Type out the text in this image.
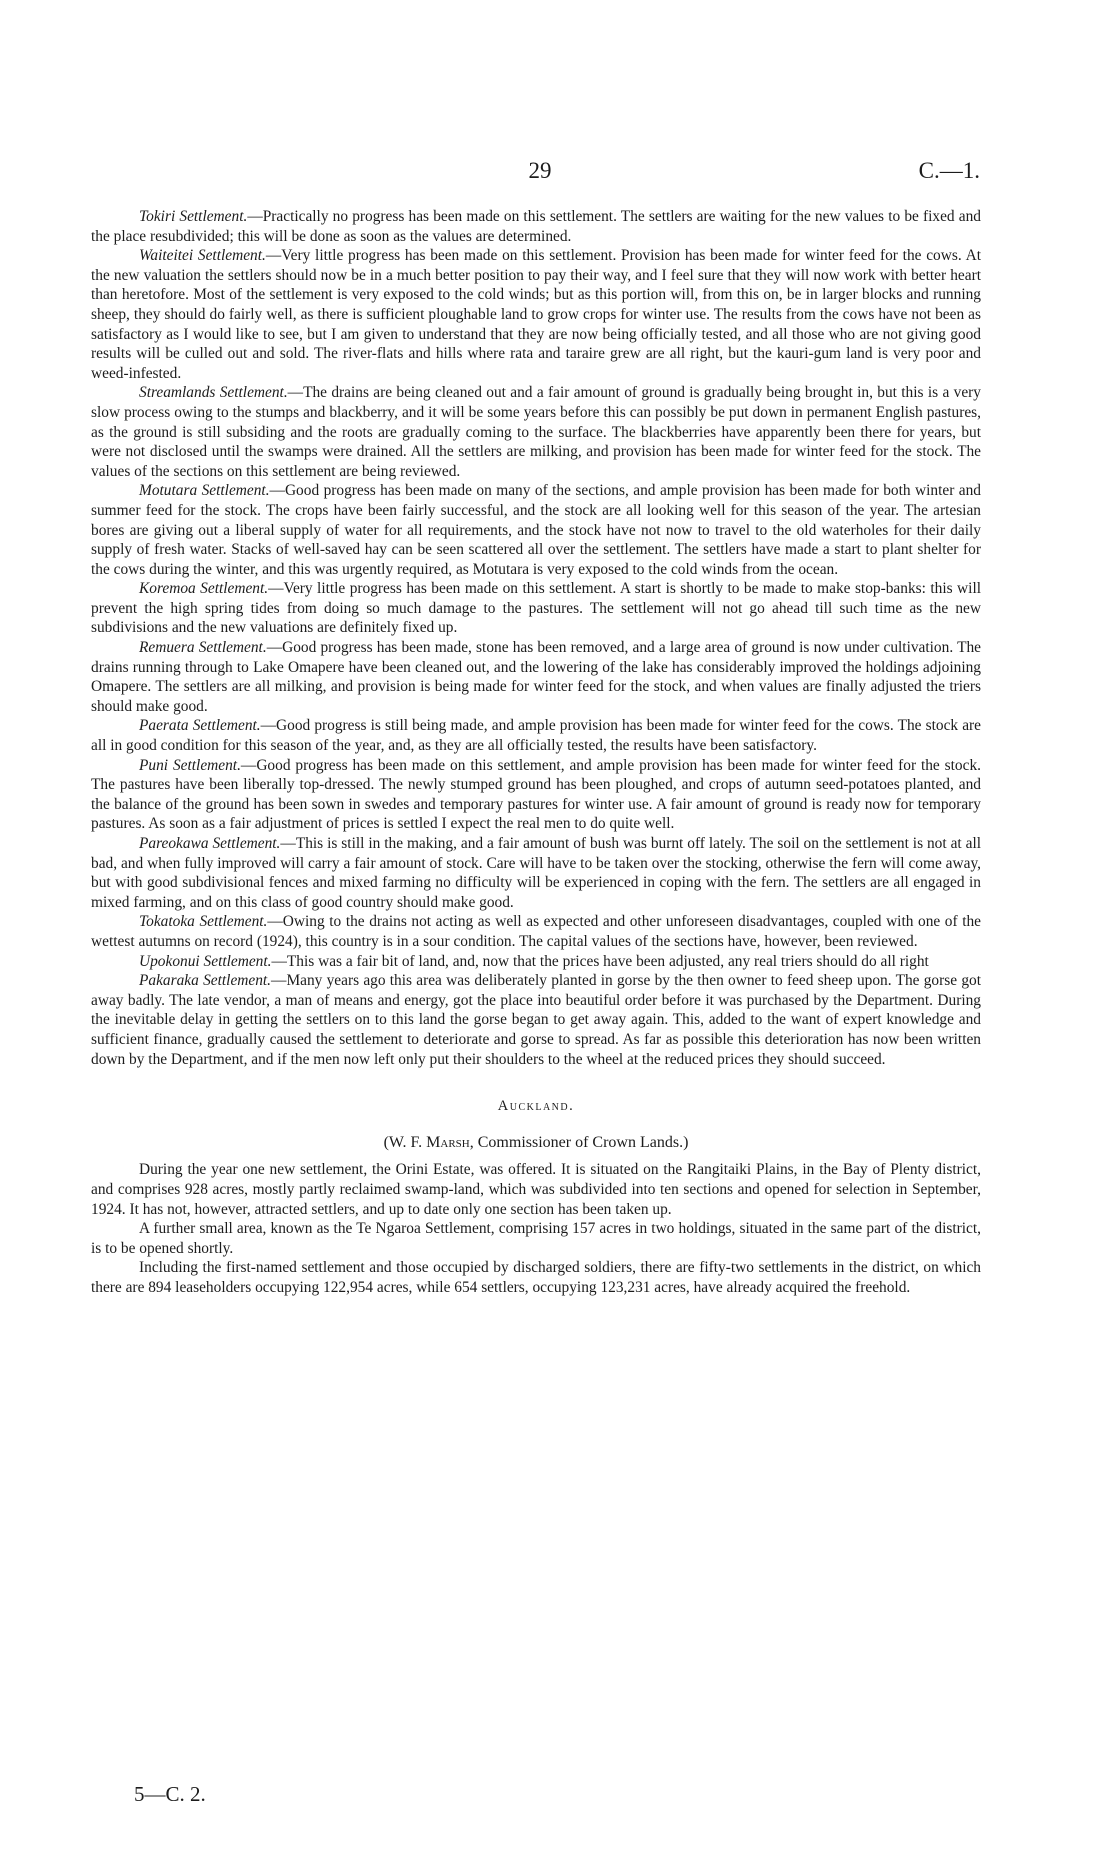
29	C.—1.

Tokiri Settlement.—Practically no progress has been made on this settlement. The settlers are waiting for the new values to be fixed and the place resubdivided; this will be done as soon as the values are determined.

Waiteitei Settlement.—Very little progress has been made on this settlement. Provision has been made for winter feed for the cows. At the new valuation the settlers should now be in a much better position to pay their way, and I feel sure that they will now work with better heart than heretofore. Most of the settlement is very exposed to the cold winds; but as this portion will, from this on, be in larger blocks and running sheep, they should do fairly well, as there is sufficient ploughable land to grow crops for winter use. The results from the cows have not been as satisfactory as I would like to see, but I am given to understand that they are now being officially tested, and all those who are not giving good results will be culled out and sold. The river-flats and hills where rata and taraire grew are all right, but the kauri-gum land is very poor and weed-infested.

Streamlands Settlement.—The drains are being cleaned out and a fair amount of ground is gradually being brought in, but this is a very slow process owing to the stumps and blackberry, and it will be some years before this can possibly be put down in permanent English pastures, as the ground is still subsiding and the roots are gradually coming to the surface. The blackberries have apparently been there for years, but were not disclosed until the swamps were drained. All the settlers are milking, and provision has been made for winter feed for the stock. The values of the sections on this settlement are being reviewed.

Motutara Settlement.—Good progress has been made on many of the sections, and ample provision has been made for both winter and summer feed for the stock. The crops have been fairly successful, and the stock are all looking well for this season of the year. The artesian bores are giving out a liberal supply of water for all requirements, and the stock have not now to travel to the old waterholes for their daily supply of fresh water. Stacks of well-saved hay can be seen scattered all over the settlement. The settlers have made a start to plant shelter for the cows during the winter, and this was urgently required, as Motutara is very exposed to the cold winds from the ocean.

Koremoa Settlement.—Very little progress has been made on this settlement. A start is shortly to be made to make stop-banks: this will prevent the high spring tides from doing so much damage to the pastures. The settlement will not go ahead till such time as the new subdivisions and the new valuations are definitely fixed up.

Remuera Settlement.—Good progress has been made, stone has been removed, and a large area of ground is now under cultivation. The drains running through to Lake Omapere have been cleaned out, and the lowering of the lake has considerably improved the holdings adjoining Omapere. The settlers are all milking, and provision is being made for winter feed for the stock, and when values are finally adjusted the triers should make good.

Paerata Settlement.—Good progress is still being made, and ample provision has been made for winter feed for the cows. The stock are all in good condition for this season of the year, and, as they are all officially tested, the results have been satisfactory.

Puni Settlement.—Good progress has been made on this settlement, and ample provision has been made for winter feed for the stock. The pastures have been liberally top-dressed. The newly stumped ground has been ploughed, and crops of autumn seed-potatoes planted, and the balance of the ground has been sown in swedes and temporary pastures for winter use. A fair amount of ground is ready now for temporary pastures. As soon as a fair adjustment of prices is settled I expect the real men to do quite well.

Pareokawa Settlement.—This is still in the making, and a fair amount of bush was burnt off lately. The soil on the settlement is not at all bad, and when fully improved will carry a fair amount of stock. Care will have to be taken over the stocking, otherwise the fern will come away, but with good subdivisional fences and mixed farming no difficulty will be experienced in coping with the fern. The settlers are all engaged in mixed farming, and on this class of good country should make good.

Tokatoka Settlement.—Owing to the drains not acting as well as expected and other unforeseen disadvantages, coupled with one of the wettest autumns on record (1924), this country is in a sour condition. The capital values of the sections have, however, been reviewed.

Upokonui Settlement.—This was a fair bit of land, and, now that the prices have been adjusted, any real triers should do all right

Pakaraka Settlement.—Many years ago this area was deliberately planted in gorse by the then owner to feed sheep upon. The gorse got away badly. The late vendor, a man of means and energy, got the place into beautiful order before it was purchased by the Department. During the inevitable delay in getting the settlers on to this land the gorse began to get away again. This, added to the want of expert knowledge and sufficient finance, gradually caused the settlement to deteriorate and gorse to spread. As far as possible this deterioration has now been written down by the Department, and if the men now left only put their shoulders to the wheel at the reduced prices they should succeed.

Auckland.
(W. F. Marsh, Commissioner of Crown Lands.)

During the year one new settlement, the Orini Estate, was offered. It is situated on the Rangitaiki Plains, in the Bay of Plenty district, and comprises 928 acres, mostly partly reclaimed swamp-land, which was subdivided into ten sections and opened for selection in September, 1924. It has not, however, attracted settlers, and up to date only one section has been taken up.

A further small area, known as the Te Ngaroa Settlement, comprising 157 acres in two holdings, situated in the same part of the district, is to be opened shortly.

Including the first-named settlement and those occupied by discharged soldiers, there are fifty-two settlements in the district, on which there are 894 leaseholders occupying 122,954 acres, while 654 settlers, occupying 123,231 acres, have already acquired the freehold.

5—C. 2.
